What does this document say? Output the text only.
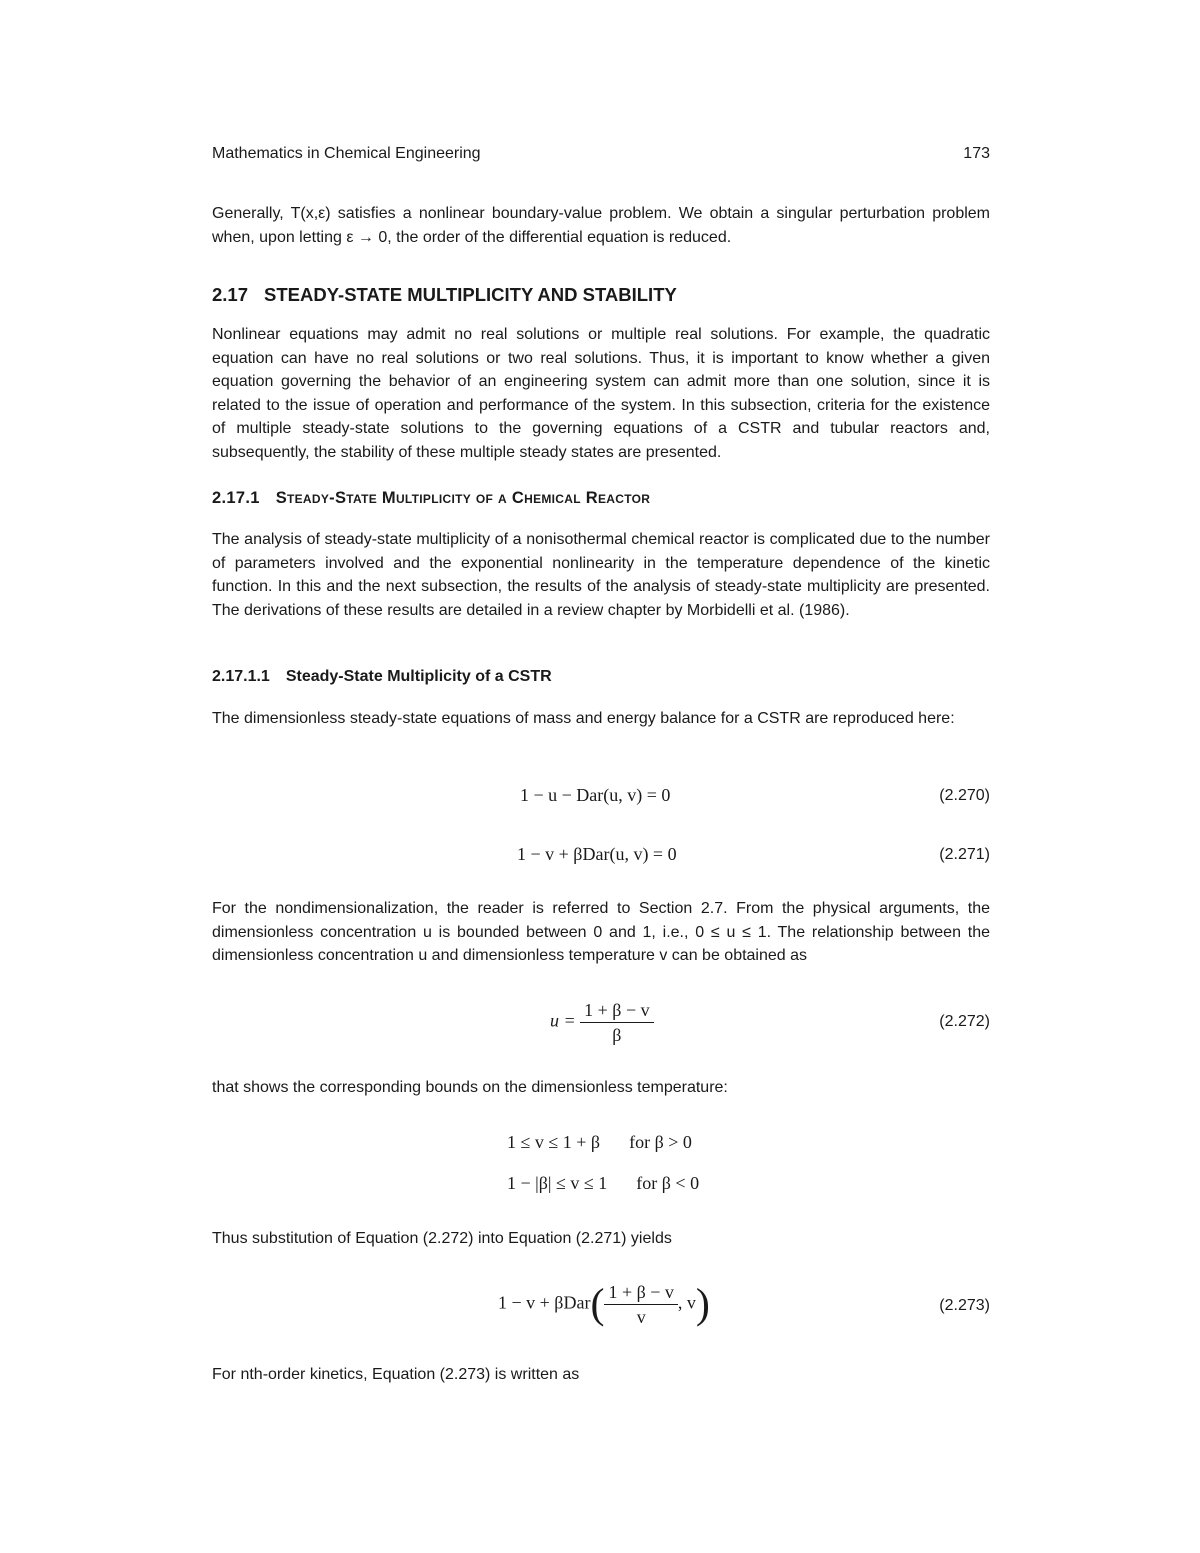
Mathematics in Chemical Engineering	173

Generally, T(x,ε) satisfies a nonlinear boundary-value problem. We obtain a singular perturbation problem when, upon letting ε → 0, the order of the differential equation is reduced.

2.17 STEADY-STATE MULTIPLICITY AND STABILITY

Nonlinear equations may admit no real solutions or multiple real solutions. For example, the quadratic equation can have no real solutions or two real solutions. Thus, it is important to know whether a given equation governing the behavior of an engineering system can admit more than one solution, since it is related to the issue of operation and performance of the system. In this subsection, criteria for the existence of multiple steady-state solutions to the governing equations of a CSTR and tubular reactors and, subsequently, the stability of these multiple steady states are presented.

2.17.1 Steady-State Multiplicity of a Chemical Reactor

The analysis of steady-state multiplicity of a nonisothermal chemical reactor is complicated due to the number of parameters involved and the exponential nonlinearity in the temperature dependence of the kinetic function. In this and the next subsection, the results of the analysis of steady-state multiplicity are presented. The derivations of these results are detailed in a review chapter by Morbidelli et al. (1986).

2.17.1.1 Steady-State Multiplicity of a CSTR

The dimensionless steady-state equations of mass and energy balance for a CSTR are reproduced here:

1 − u − Dar(u, v) = 0	(2.270)
1 − v + βDar(u, v) = 0	(2.271)

For the nondimensionalization, the reader is referred to Section 2.7. From the physical arguments, the dimensionless concentration u is bounded between 0 and 1, i.e., 0 ≤ u ≤ 1. The relationship between the dimensionless concentration u and dimensionless temperature v can be obtained as

$u = \frac{1 + \beta - v}{\beta}$	(2.272)

that shows the corresponding bounds on the dimensionless temperature:

1 ≤ v ≤ 1 + β for β > 0
1 − |β| ≤ v ≤ 1 for β < 0

Thus substitution of Equation (2.272) into Equation (2.271) yields

$1 - v + \beta Dar( \frac{1 + \beta - v}{v}$ , v)	(2.273)

For nth-order kinetics, Equation (2.273) is written as
